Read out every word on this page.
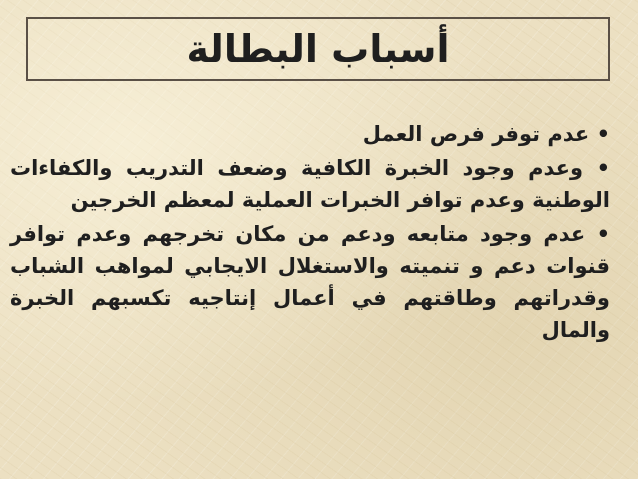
أسباب البطالة
• عدم توفر فرص العمل
• وعدم وجود الخبرة الكافية وضعف التدريب والكفاءات الوطنية وعدم توافر الخبرات العملية لمعظم الخرجين
• عدم وجود متابعه ودعم من مكان تخرجهم وعدم توافر قنوات دعم و تنميته والاستغلال الايجابي لمواهب الشباب وقدراتهم وطاقتهم في أعمال إنتاجيه تكسبهم الخبرة والمال
